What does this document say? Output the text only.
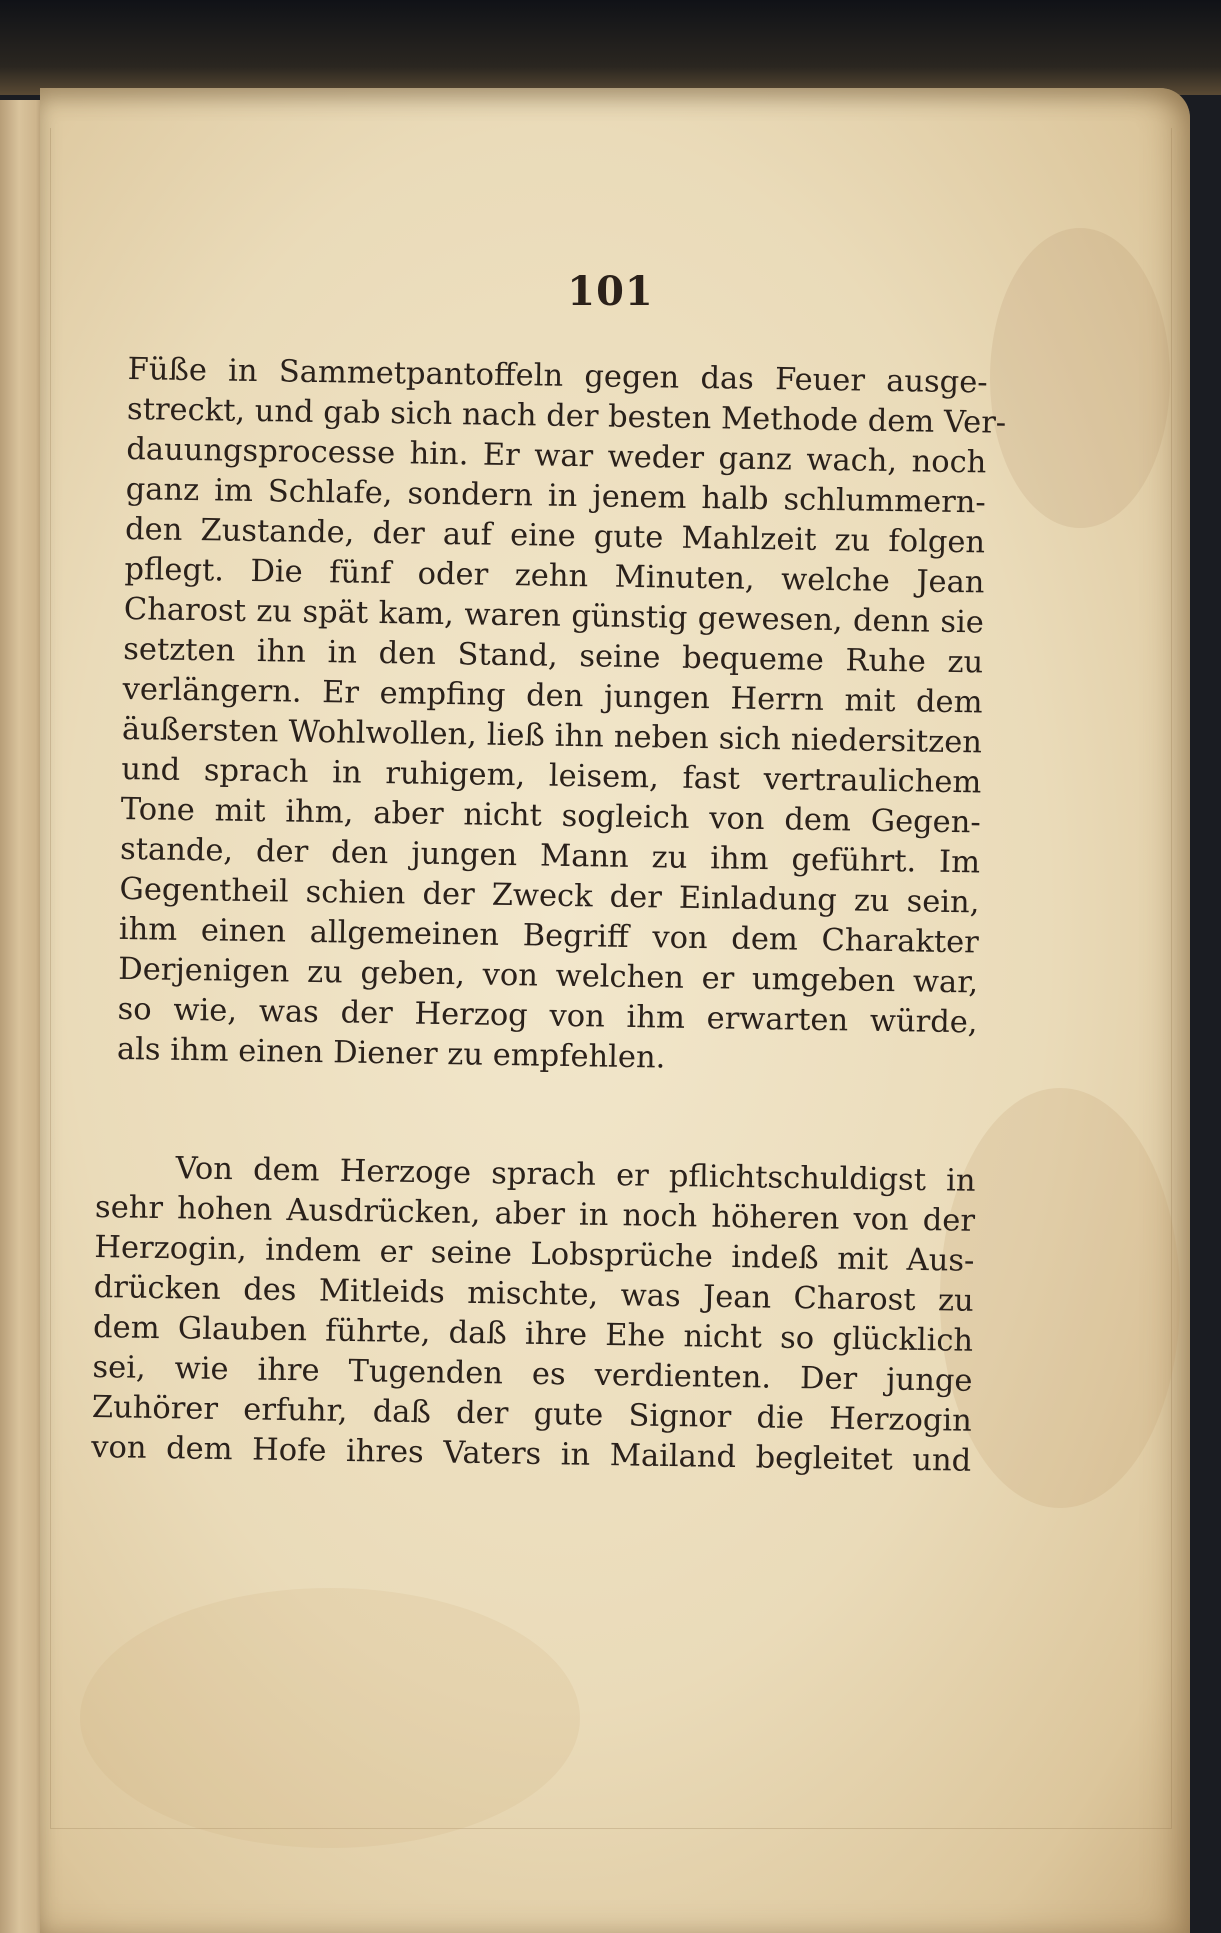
101
Füße in Sammetpantoffeln gegen das Feuer ausge-
streckt, und gab sich nach der besten Methode dem Ver-
dauungsprocesse hin. Er war weder ganz wach, noch
ganz im Schlafe, sondern in jenem halb schlummern-
den Zustande, der auf eine gute Mahlzeit zu folgen
pflegt. Die fünf oder zehn Minuten, welche Jean
Charost zu spät kam, waren günstig gewesen, denn sie
setzten ihn in den Stand, seine bequeme Ruhe zu
verlängern. Er empfing den jungen Herrn mit dem
äußersten Wohlwollen, ließ ihn neben sich niedersitzen
und sprach in ruhigem, leisem, fast vertraulichem
Tone mit ihm, aber nicht sogleich von dem Gegen-
stande, der den jungen Mann zu ihm geführt. Im
Gegentheil schien der Zweck der Einladung zu sein,
ihm einen allgemeinen Begriff von dem Charakter
Derjenigen zu geben, von welchen er umgeben war,
so wie, was der Herzog von ihm erwarten würde,
als ihm einen Diener zu empfehlen.
Von dem Herzoge sprach er pflichtschuldigst in
sehr hohen Ausdrücken, aber in noch höheren von der
Herzogin, indem er seine Lobsprüche indeß mit Aus-
drücken des Mitleids mischte, was Jean Charost zu
dem Glauben führte, daß ihre Ehe nicht so glücklich
sei, wie ihre Tugenden es verdienten. Der junge
Zuhörer erfuhr, daß der gute Signor die Herzogin
von dem Hofe ihres Vaters in Mailand begleitet und
